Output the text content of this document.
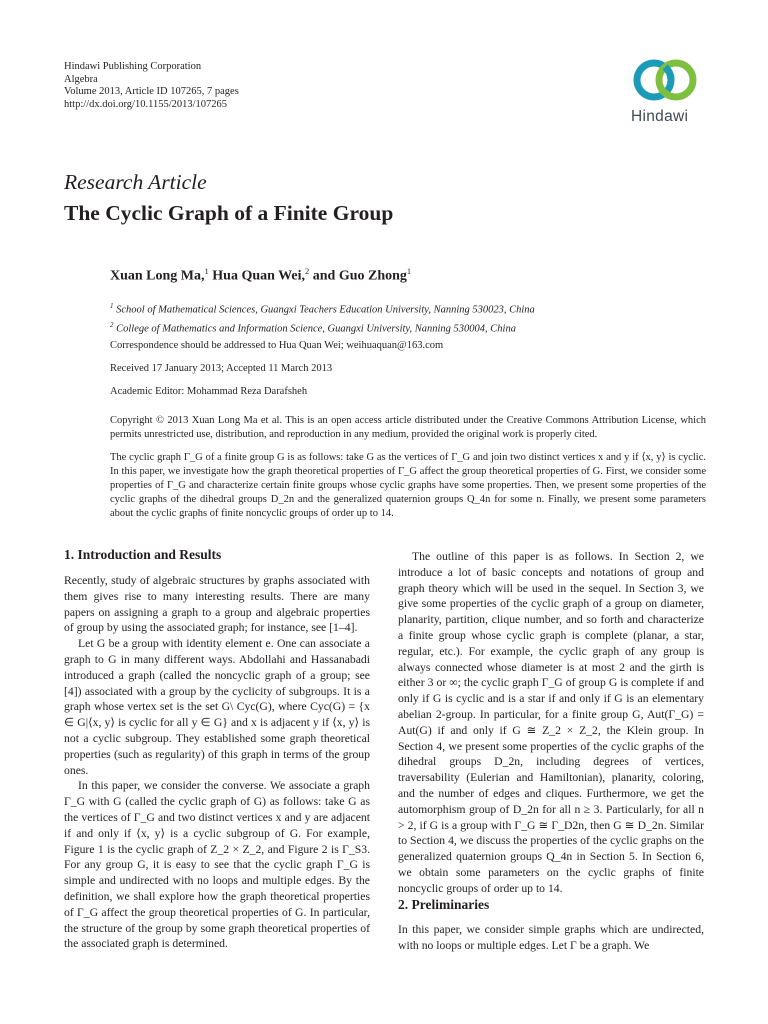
Hindawi Publishing Corporation
Algebra
Volume 2013, Article ID 107265, 7 pages
http://dx.doi.org/10.1155/2013/107265
Hindawi
Research Article
The Cyclic Graph of a Finite Group
Xuan Long Ma,$^1$ Hua Quan Wei,$^2$ and Guo Zhong$^1$
$^1$ School of Mathematical Sciences, Guangxi Teachers Education University, Nanning 530023, China
$^2$ College of Mathematics and Information Science, Guangxi University, Nanning 530004, China
Correspondence should be addressed to Hua Quan Wei; weihuaquan@163.com
Received 17 January 2013; Accepted 11 March 2013
Academic Editor: Mohammad Reza Darafsheh
Copyright © 2013 Xuan Long Ma et al. This is an open access article distributed under the Creative Commons Attribution License, which permits unrestricted use, distribution, and reproduction in any medium, provided the original work is properly cited.
The cyclic graph Γ_G of a finite group G is as follows: take G as the vertices of Γ_G and join two distinct vertices x and y if ⟨x, y⟩ is cyclic. In this paper, we investigate how the graph theoretical properties of Γ_G affect the group theoretical properties of G. First, we consider some properties of Γ_G and characterize certain finite groups whose cyclic graphs have some properties. Then, we present some properties of the cyclic graphs of the dihedral groups D_2n and the generalized quaternion groups Q_4n for some n. Finally, we present some parameters about the cyclic graphs of finite noncyclic groups of order up to 14.
1. Introduction and Results

Recently, study of algebraic structures by graphs associated with them gives rise to many interesting results. There are many papers on assigning a graph to a group and algebraic properties of group by using the associated graph; for instance, see [1–4].

Let G be a group with identity element e. One can associate a graph to G in many different ways. Abdollahi and Hassanabadi introduced a graph (called the noncyclic graph of a group; see [4]) associated with a group by the cyclicity of subgroups. It is a graph whose vertex set is the set G\ Cyc(G), where Cyc(G) = {x ∈ G|⟨x, y⟩ is cyclic for all y ∈ G} and x is adjacent y if ⟨x, y⟩ is not a cyclic subgroup. They established some graph theoretical properties (such as regularity) of this graph in terms of the group ones.

In this paper, we consider the converse. We associate a graph Γ_G with G (called the cyclic graph of G) as follows: take G as the vertices of Γ_G and two distinct vertices x and y are adjacent if and only if ⟨x, y⟩ is a cyclic subgroup of G. For example, Figure 1 is the cyclic graph of Z_2 × Z_2, and Figure 2 is Γ_S3. For any group G, it is easy to see that the cyclic graph Γ_G is simple and undirected with no loops and multiple edges. By the definition, we shall explore how the graph theoretical properties of Γ_G affect the group theoretical properties of G. In particular, the structure of the group by some graph theoretical properties of the associated graph is determined.

The outline of this paper is as follows. In Section 2, we introduce a lot of basic concepts and notations of group and graph theory which will be used in the sequel. In Section 3, we give some properties of the cyclic graph of a group on diameter, planarity, partition, clique number, and so forth and characterize a finite group whose cyclic graph is complete (planar, a star, regular, etc.). For example, the cyclic graph of any group is always connected whose diameter is at most 2 and the girth is either 3 or ∞; the cyclic graph Γ_G of group G is complete if and only if G is cyclic and is a star if and only if G is an elementary abelian 2-group. In particular, for a finite group G, Aut(Γ_G) = Aut(G) if and only if G ≅ Z_2 × Z_2, the Klein group. In Section 4, we present some properties of the cyclic graphs of the dihedral groups D_2n, including degrees of vertices, traversability (Eulerian and Hamiltonian), planarity, coloring, and the number of edges and cliques. Furthermore, we get the automorphism group of D_2n for all n ≥ 3. Particularly, for all n > 2, if G is a group with Γ_G ≅ Γ_D2n, then G ≅ D_2n. Similar to Section 4, we discuss the properties of the cyclic graphs on the generalized quaternion groups Q_4n in Section 5. In Section 6, we obtain some parameters on the cyclic graphs of finite noncyclic groups of order up to 14.

2. Preliminaries

In this paper, we consider simple graphs which are undirected, with no loops or multiple edges. Let Γ be a graph. We
